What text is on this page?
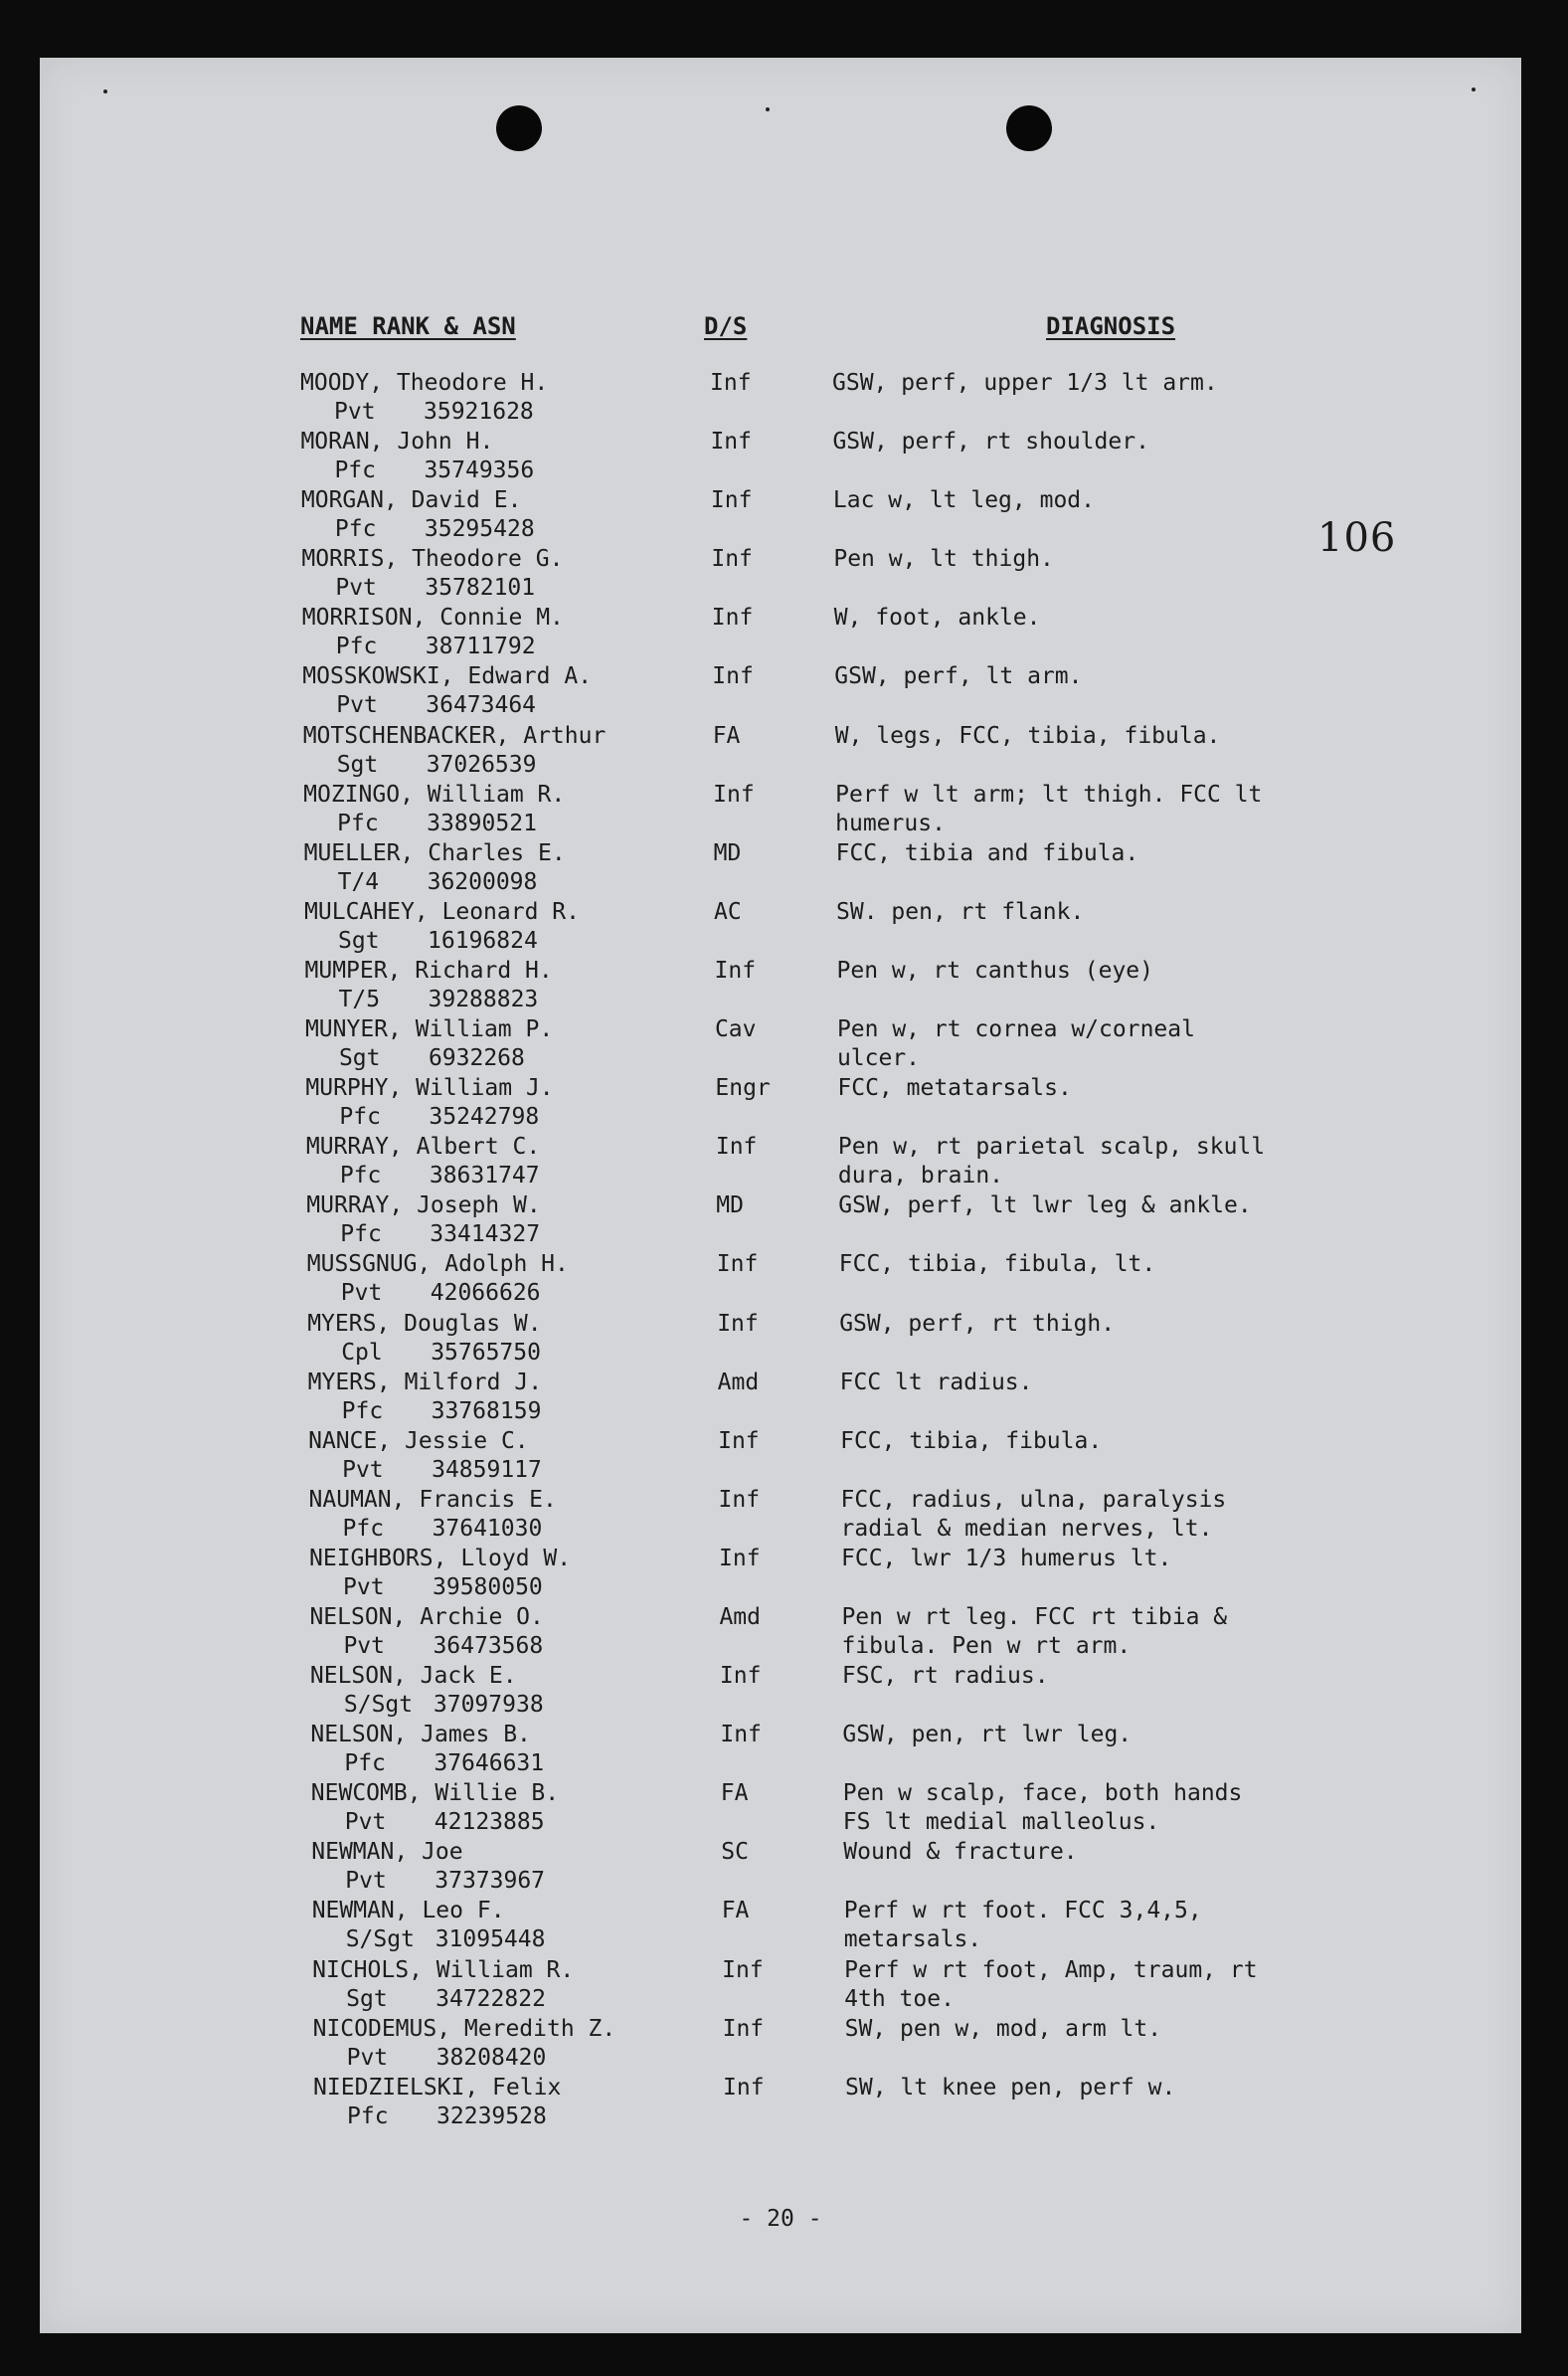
106
NAME RANK & ASN	D/S	DIAGNOSIS
MOODY, Theodore H.
Pvt 35921628
Inf	GSW, perf, upper 1/3 lt arm.
MORAN, John H.
Pfc 35749356
Inf	GSW, perf, rt shoulder.
MORGAN, David E.
Pfc 35295428
Inf	Lac w, lt leg, mod.
MORRIS, Theodore G.
Pvt 35782101
Inf	Pen w, lt thigh.
MORRISON, Connie M.
Pfc 38711792
Inf	W, foot, ankle.
MOSSKOWSKI, Edward A.
Pvt 36473464
Inf	GSW, perf, lt arm.
MOTSCHENBACKER, Arthur
Sgt 37026539
FA	W, legs, FCC, tibia, fibula.
MOZINGO, William R.
Pfc 33890521
Inf	Perf w lt arm; lt thigh. FCC lt
humerus.
MUELLER, Charles E.
T/4 36200098
MD	FCC, tibia and fibula.
MULCAHEY, Leonard R.
Sgt 16196824
AC	SW. pen, rt flank.
MUMPER, Richard H.
T/5 39288823
Inf	Pen w, rt canthus (eye)
MUNYER, William P.
Sgt 6932268
Cav	Pen w, rt cornea w/corneal
ulcer.
MURPHY, William J.
Pfc 35242798
Engr	FCC, metatarsals.
MURRAY, Albert C.
Pfc 38631747
Inf	Pen w, rt parietal scalp, skull
dura, brain.
MURRAY, Joseph W.
Pfc 33414327
MD	GSW, perf, lt lwr leg & ankle.
MUSSGNUG, Adolph H.
Pvt 42066626
Inf	FCC, tibia, fibula, lt.
MYERS, Douglas W.
Cpl 35765750
Inf	GSW, perf, rt thigh.
MYERS, Milford J.
Pfc 33768159
Amd	FCC lt radius.
NANCE, Jessie C.
Pvt 34859117
Inf	FCC, tibia, fibula.
NAUMAN, Francis E.
Pfc 37641030
Inf	FCC, radius, ulna, paralysis
radial & median nerves, lt.
NEIGHBORS, Lloyd W.
Pvt 39580050
Inf	FCC, lwr 1/3 humerus lt.
NELSON, Archie O.
Pvt 36473568
Amd	Pen w rt leg. FCC rt tibia &
fibula. Pen w rt arm.
NELSON, Jack E.
S/Sgt 37097938
Inf	FSC, rt radius.
NELSON, James B.
Pfc 37646631
Inf	GSW, pen, rt lwr leg.
NEWCOMB, Willie B.
Pvt 42123885
FA	Pen w scalp, face, both hands
FS lt medial malleolus.
NEWMAN, Joe
Pvt 37373967
SC	Wound & fracture.
NEWMAN, Leo F.
S/Sgt 31095448
FA	Perf w rt foot. FCC 3,4,5,
metarsals.
NICHOLS, William R.
Sgt 34722822
Inf	Perf w rt foot, Amp, traum, rt
4th toe.
NICODEMUS, Meredith Z.
Pvt 38208420
Inf	SW, pen w, mod, arm lt.
NIEDZIELSKI, Felix
Pfc 32239528
Inf	SW, lt knee pen, perf w.
- 20 -
